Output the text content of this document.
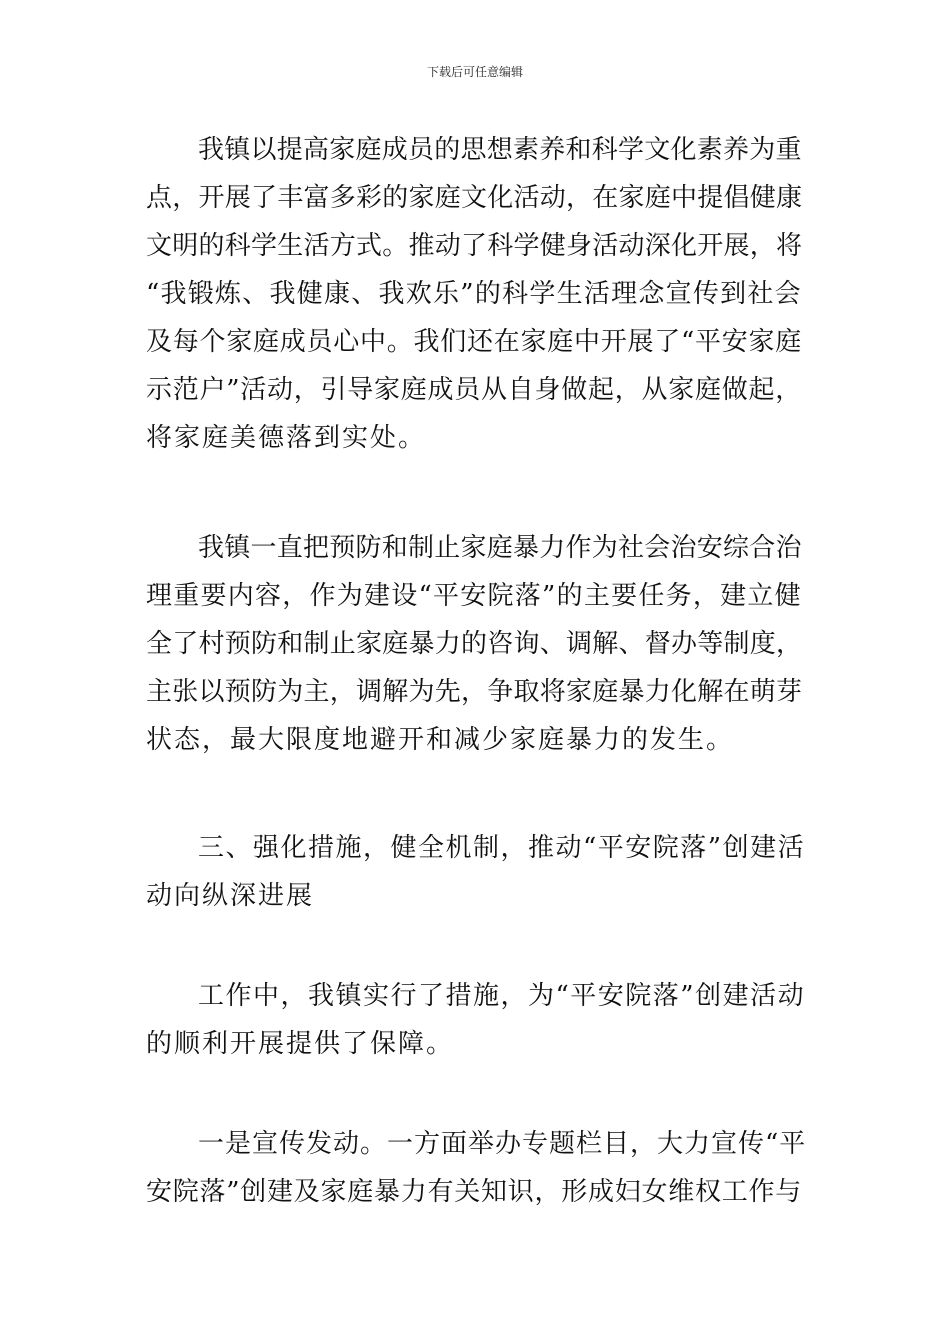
下载后可任意编辑
我镇以提高家庭成员的思想素养和科学文化素养为重
点，开展了丰富多彩的家庭文化活动，在家庭中提倡健康
文明的科学生活方式。推动了科学健身活动深化开展，将
“我锻炼、我健康、我欢乐”的科学生活理念宣传到社会
及每个家庭成员心中。我们还在家庭中开展了“平安家庭
示范户”活动，引导家庭成员从自身做起，从家庭做起，
将家庭美德落到实处。
我镇一直把预防和制止家庭暴力作为社会治安综合治
理重要内容，作为建设“平安院落”的主要任务，建立健
全了村预防和制止家庭暴力的咨询、调解、督办等制度，
主张以预防为主，调解为先，争取将家庭暴力化解在萌芽
状态，最大限度地避开和减少家庭暴力的发生。
三、强化措施，健全机制，推动“平安院落”创建活
动向纵深进展
工作中，我镇实行了措施，为“平安院落”创建活动
的顺利开展提供了保障。
一是宣传发动。一方面举办专题栏目，大力宣传“平
安院落”创建及家庭暴力有关知识，形成妇女维权工作与
